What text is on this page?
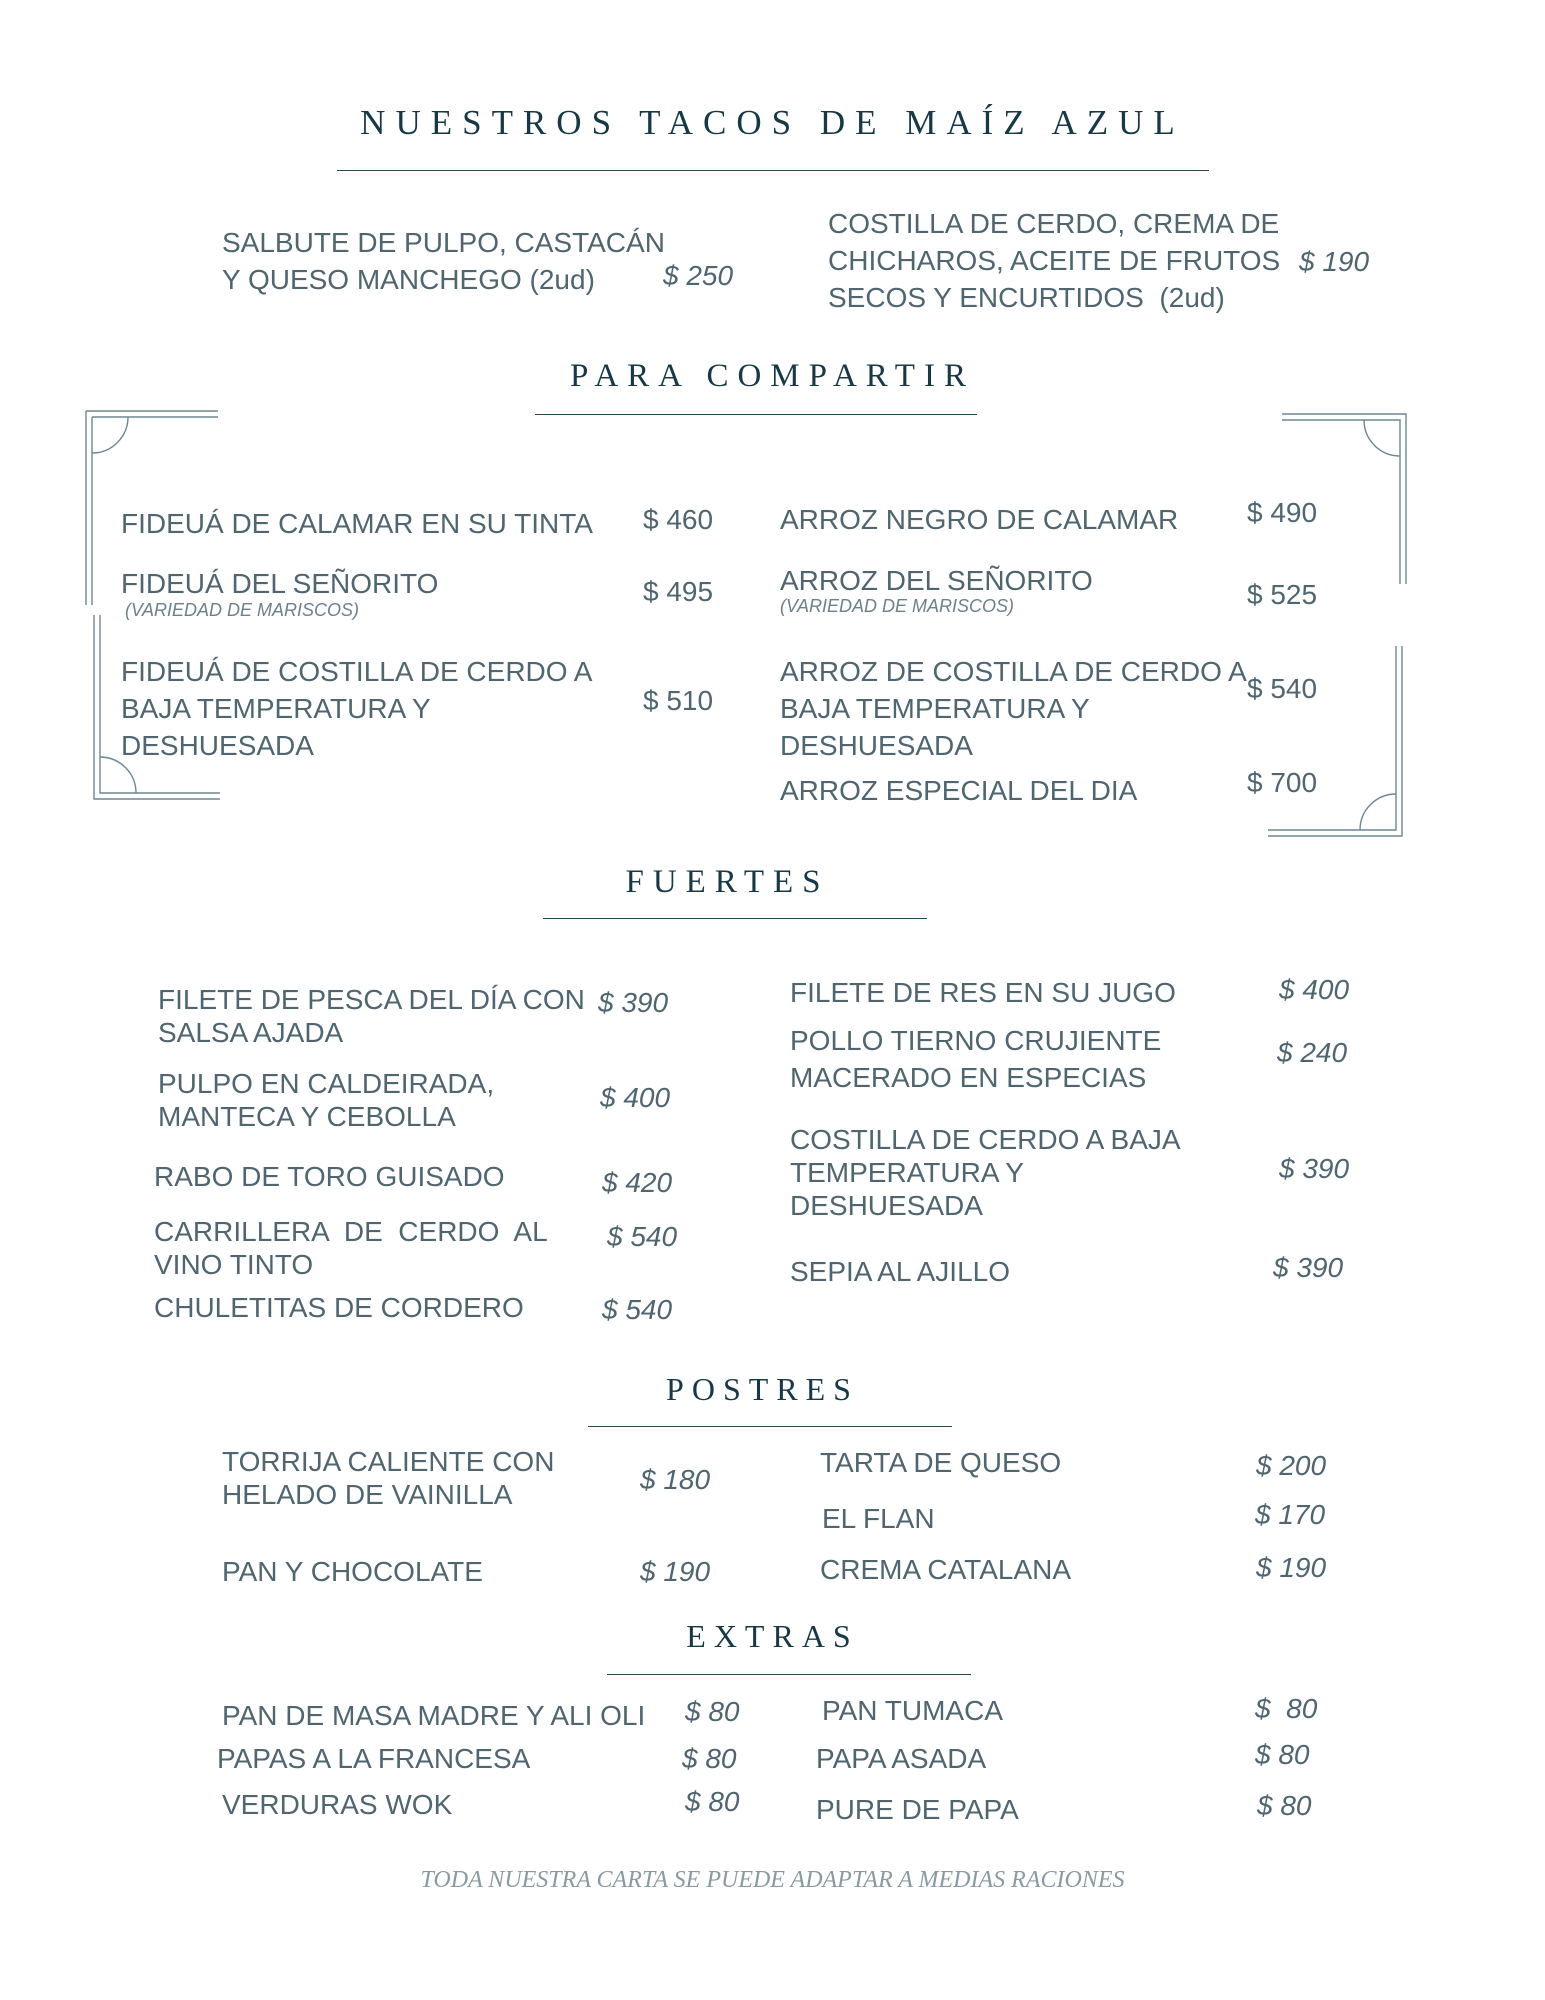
NUESTROS TACOS DE MAÍZ AZUL
SALBUTE DE PULPO, CASTACÁN
Y QUESO MANCHEGO (2ud)	$ 250
COSTILLA DE CERDO, CREMA DE
CHICHAROS, ACEITE DE FRUTOS
SECOS Y ENCURTIDOS  (2ud)
$ 190
PARA COMPARTIR
FIDEUÁ DE CALAMAR EN SU TINTA $ 460
FIDEUÁ DEL SEÑORITO
(VARIEDAD DE MARISCOS)
$ 495
FIDEUÁ DE COSTILLA DE CERDO A
BAJA TEMPERATURA Y
DESHUESADA
$ 510
ARROZ NEGRO DE CALAMAR $ 490
ARROZ DEL SEÑORITO
(VARIEDAD DE MARISCOS)	$ 525
ARROZ DE COSTILLA DE CERDO A
BAJA TEMPERATURA Y
DESHUESADA
$ 540
ARROZ ESPECIAL DEL DIA	$ 700
FUERTES
FILETE DE PESCA DEL DÍA CON
SALSA AJADA
$ 390
PULPO EN CALDEIRADA,
MANTECA Y CEBOLLA
$ 400
RABO DE TORO GUISADO	$ 420
CARRILLERA  DE  CERDO  AL
VINO TINTO
$ 540
CHULETITAS DE CORDERO	$ 540
FILETE DE RES EN SU JUGO	$ 400
POLLO TIERNO CRUJIENTE
MACERADO EN ESPECIAS
$ 240
COSTILLA DE CERDO A BAJA
TEMPERATURA Y
DESHUESADA
$ 390
SEPIA AL AJILLO	$ 390
POSTRES
TORRIJA CALIENTE CON
HELADO DE VAINILLA	$ 180
PAN Y CHOCOLATE	$ 190
TARTA DE QUESO	$ 200
EL FLAN	$ 170
CREMA CATALANA	$ 190
EXTRAS
PAN DE MASA MADRE Y ALI OLI $ 80
PAPAS A LA FRANCESA	$ 80
VERDURAS WOK	$ 80
PAN TUMACA	$  80
PAPA ASADA	$ 80
PURE DE PAPA	$ 80
TODA NUESTRA CARTA SE PUEDE ADAPTAR A MEDIAS RACIONES
